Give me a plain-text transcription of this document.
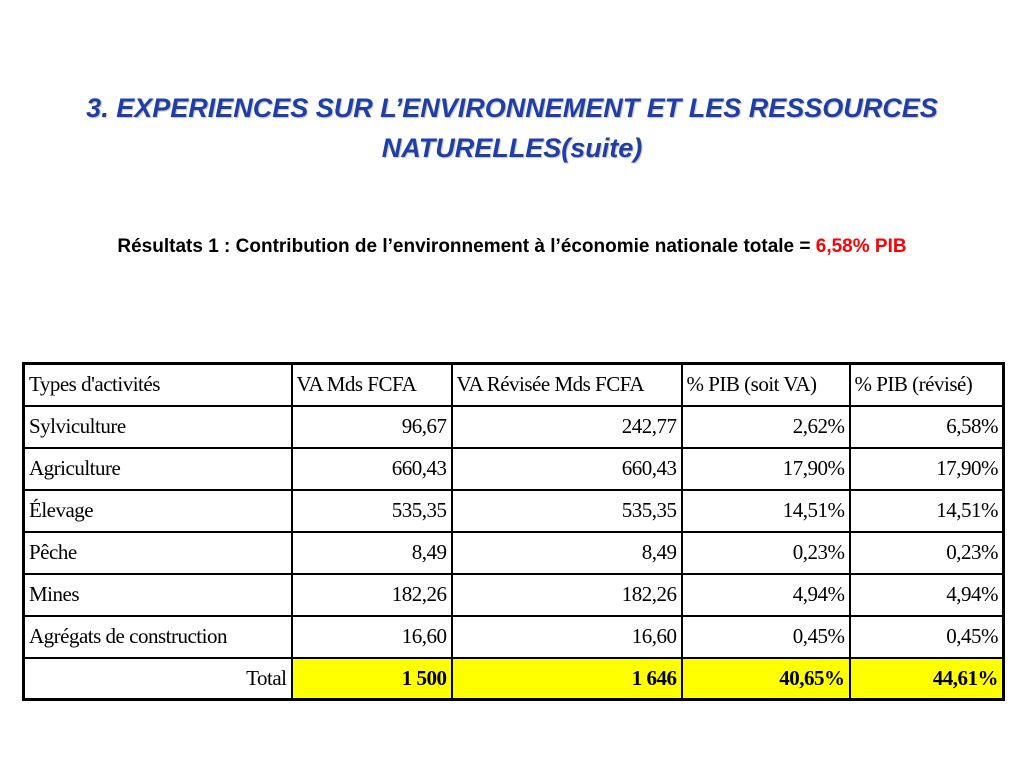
3. EXPERIENCES SUR L’ENVIRONNEMENT ET LES RESSOURCES
NATURELLES(suite)
Résultats 1 : Contribution de l’environnement à l’économie nationale totale = 6,58% PIB
Types d'activités	VA Mds FCFA	VA Révisée Mds FCFA	% PIB (soit VA)	% PIB (révisé)
Sylviculture	96,67	242,77	2,62%	6,58%
Agriculture	660,43	660,43	17,90%	17,90%
Élevage	535,35	535,35	14,51%	14,51%
Pêche	8,49	8,49	0,23%	0,23%
Mines	182,26	182,26	4,94%	4,94%
Agrégats de construction	16,60	16,60	0,45%	0,45%
Total	1 500	1 646	40,65%	44,61%
